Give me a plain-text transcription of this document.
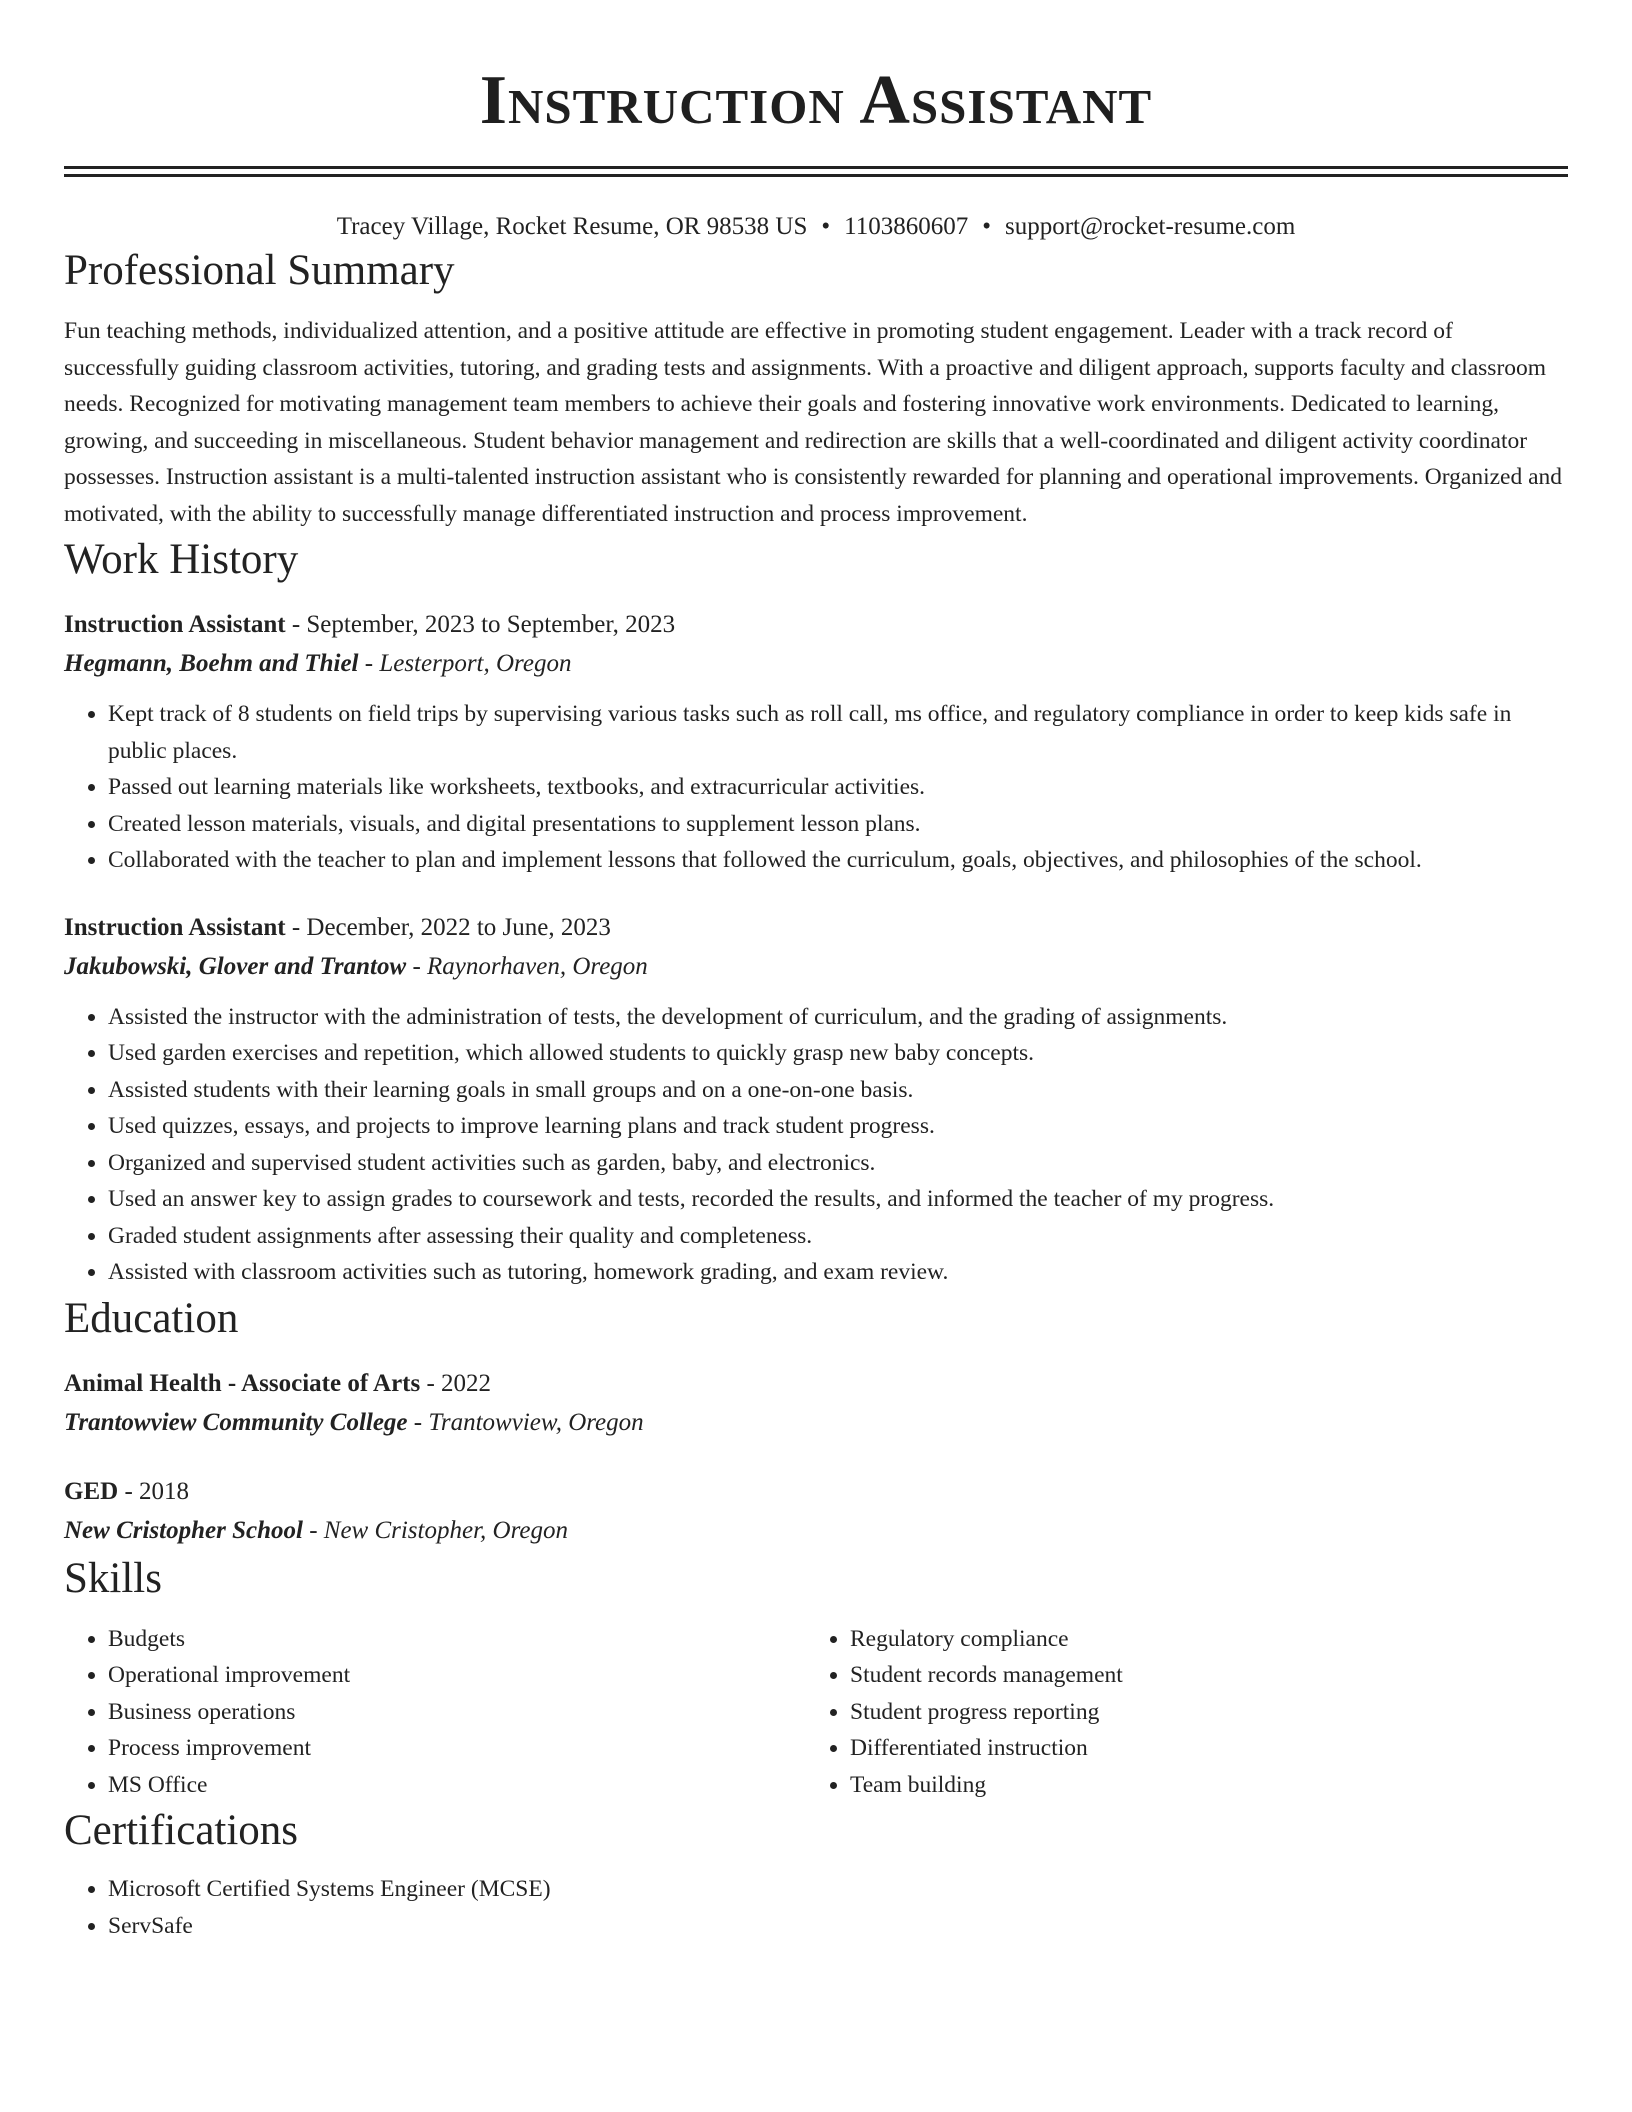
Instruction Assistant
Tracey Village, Rocket Resume, OR 98538 US • 1103860607 • support@rocket-resume.com
Professional Summary
Fun teaching methods, individualized attention, and a positive attitude are effective in promoting student engagement. Leader with a track record of successfully guiding classroom activities, tutoring, and grading tests and assignments. With a proactive and diligent approach, supports faculty and classroom needs. Recognized for motivating management team members to achieve their goals and fostering innovative work environments. Dedicated to learning, growing, and succeeding in miscellaneous. Student behavior management and redirection are skills that a well-coordinated and diligent activity coordinator possesses. Instruction assistant is a multi-talented instruction assistant who is consistently rewarded for planning and operational improvements. Organized and motivated, with the ability to successfully manage differentiated instruction and process improvement.
Work History
Instruction Assistant - September, 2023 to September, 2023
Hegmann, Boehm and Thiel - Lesterport, Oregon
• Kept track of 8 students on field trips by supervising various tasks such as roll call, ms office, and regulatory compliance in order to keep kids safe in public places.
• Passed out learning materials like worksheets, textbooks, and extracurricular activities.
• Created lesson materials, visuals, and digital presentations to supplement lesson plans.
• Collaborated with the teacher to plan and implement lessons that followed the curriculum, goals, objectives, and philosophies of the school.
Instruction Assistant - December, 2022 to June, 2023
Jakubowski, Glover and Trantow - Raynorhaven, Oregon
• Assisted the instructor with the administration of tests, the development of curriculum, and the grading of assignments.
• Used garden exercises and repetition, which allowed students to quickly grasp new baby concepts.
• Assisted students with their learning goals in small groups and on a one-on-one basis.
• Used quizzes, essays, and projects to improve learning plans and track student progress.
• Organized and supervised student activities such as garden, baby, and electronics.
• Used an answer key to assign grades to coursework and tests, recorded the results, and informed the teacher of my progress.
• Graded student assignments after assessing their quality and completeness.
• Assisted with classroom activities such as tutoring, homework grading, and exam review.
Education
Animal Health - Associate of Arts - 2022
Trantowview Community College - Trantowview, Oregon
GED - 2018
New Cristopher School - New Cristopher, Oregon
Skills
• Budgets
• Operational improvement
• Business operations
• Process improvement
• MS Office
• Regulatory compliance
• Student records management
• Student progress reporting
• Differentiated instruction
• Team building
Certifications
• Microsoft Certified Systems Engineer (MCSE)
• ServSafe
